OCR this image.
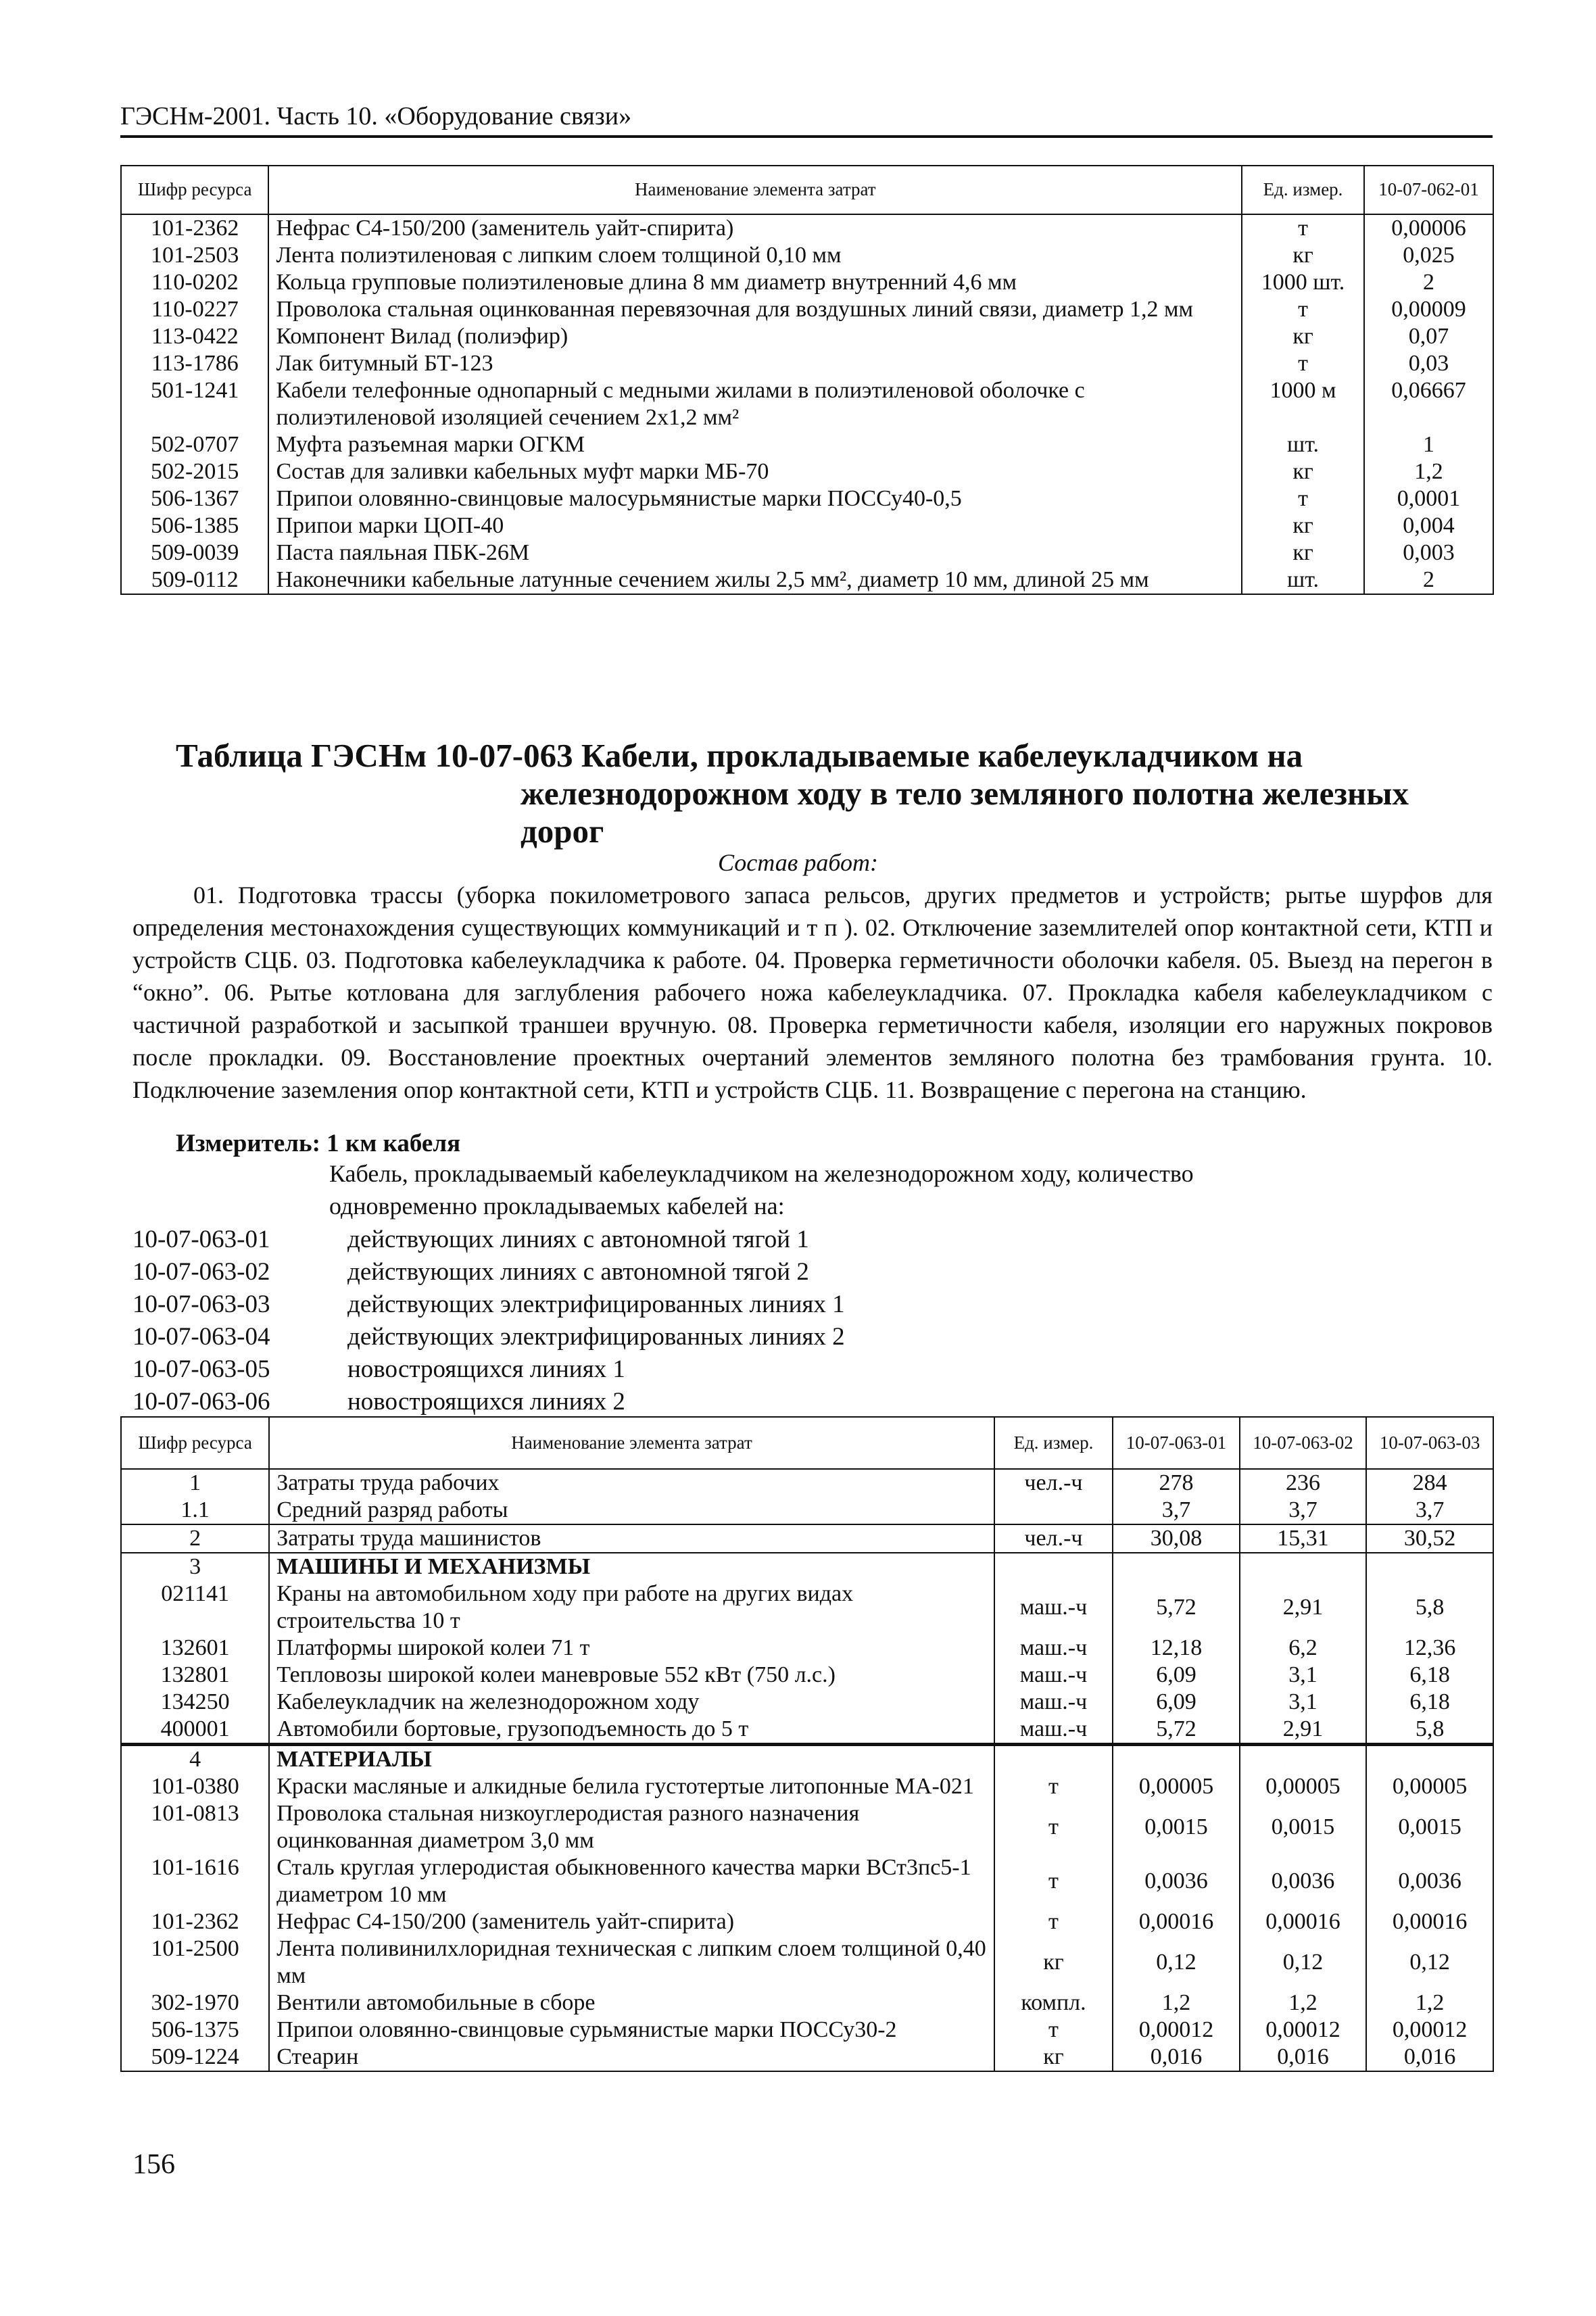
ГЭСНм-2001. Часть 10. «Оборудование связи»
Шифр ресурса	Наименование элемента затрат	Ед. измер.	10-07-062-01
101-2362	Нефрас С4-150/200 (заменитель уайт-спирита)	т	0,00006
101-2503	Лента полиэтиленовая с липким слоем толщиной 0,10 мм	кг	0,025
110-0202	Кольца групповые полиэтиленовые длина 8 мм диаметр внутренний 4,6 мм	1000 шт.	2
110-0227	Проволока стальная оцинкованная перевязочная для воздушных линий связи, диаметр 1,2 мм	т	0,00009
113-0422	Компонент Вилад (полиэфир)	кг	0,07
113-1786	Лак битумный БТ-123	т	0,03
501-1241	Кабели телефонные однопарный с медными жилами в полиэтиленовой оболочке с полиэтиленовой изоляцией сечением 2х1,2 мм²	1000 м	0,06667
502-0707	Муфта разъемная марки ОГКМ	шт.	1
502-2015	Состав для заливки кабельных муфт марки МБ-70	кг	1,2
506-1367	Припои оловянно-свинцовые малосурьмянистые марки ПОССу40-0,5	т	0,0001
506-1385	Припои марки ЦОП-40	кг	0,004
509-0039	Паста паяльная ПБК-26М	кг	0,003
509-0112	Наконечники кабельные латунные сечением жилы 2,5 мм², диаметр 10 мм, длиной 25 мм	шт.	2
Таблица ГЭСНм 10-07-063 Кабели, прокладываемые кабелеукладчиком на
железнодорожном ходу в тело земляного полотна железных
дорог
Состав работ:
01. Подготовка трассы (уборка покилометрового запаса рельсов, других предметов и устройств; рытье шурфов для определения местонахождения существующих коммуникаций и т п ). 02. Отключение заземлителей опор контактной сети, КТП и устройств СЦБ. 03. Подготовка кабелеукладчика к работе. 04. Проверка герметичности оболочки кабеля. 05. Выезд на перегон в “окно”. 06. Рытье котлована для заглубления рабочего ножа кабелеукладчика. 07. Прокладка кабеля кабелеукладчиком с частичной разработкой и засыпкой траншеи вручную. 08. Проверка герметичности кабеля, изоляции его наружных покровов после прокладки. 09. Восстановление проектных очертаний элементов земляного полотна без трамбования грунта. 10. Подключение заземления опор контактной сети, КТП и устройств СЦБ. 11. Возвращение с перегона на станцию.
Измеритель: 1 км кабеля
Кабель, прокладываемый кабелеукладчиком на железнодорожном ходу, количество
одновременно прокладываемых кабелей на:
10-07-063-01	действующих линиях с автономной тягой 1
10-07-063-02	действующих линиях с автономной тягой 2
10-07-063-03	действующих электрифицированных линиях 1
10-07-063-04	действующих электрифицированных линиях 2
10-07-063-05	новостроящихся линиях 1
10-07-063-06	новостроящихся линиях 2
Шифр ресурса	Наименование элемента затрат	Ед. измер.	10-07-063-01	10-07-063-02	10-07-063-03
1	Затраты труда рабочих	чел.-ч	278	236	284
1.1	Средний разряд работы		3,7	3,7	3,7
2	Затраты труда машинистов	чел.-ч	30,08	15,31	30,52
3	МАШИНЫ И МЕХАНИЗМЫ				
021141	Краны на автомобильном ходу при работе на других видах строительства 10 т	маш.-ч	5,72	2,91	5,8
132601	Платформы широкой колеи 71 т	маш.-ч	12,18	6,2	12,36
132801	Тепловозы широкой колеи маневровые 552 кВт (750 л.с.)	маш.-ч	6,09	3,1	6,18
134250	Кабелеукладчик на железнодорожном ходу	маш.-ч	6,09	3,1	6,18
400001	Автомобили бортовые, грузоподъемность до 5 т	маш.-ч	5,72	2,91	5,8
4	МАТЕРИАЛЫ				
101-0380	Краски масляные и алкидные белила густотертые литопонные МА-021	т	0,00005	0,00005	0,00005
101-0813	Проволока стальная низкоуглеродистая разного назначения оцинкованная диаметром 3,0 мм	т	0,0015	0,0015	0,0015
101-1616	Сталь круглая углеродистая обыкновенного качества марки ВСт3пс5-1 диаметром 10 мм	т	0,0036	0,0036	0,0036
101-2362	Нефрас С4-150/200 (заменитель уайт-спирита)	т	0,00016	0,00016	0,00016
101-2500	Лента поливинилхлоридная техническая с липким слоем толщиной 0,40 мм	кг	0,12	0,12	0,12
302-1970	Вентили автомобильные в сборе	компл.	1,2	1,2	1,2
506-1375	Припои оловянно-свинцовые сурьмянистые марки ПОССу30-2	т	0,00012	0,00012	0,00012
509-1224	Стеарин	кг	0,016	0,016	0,016
156
